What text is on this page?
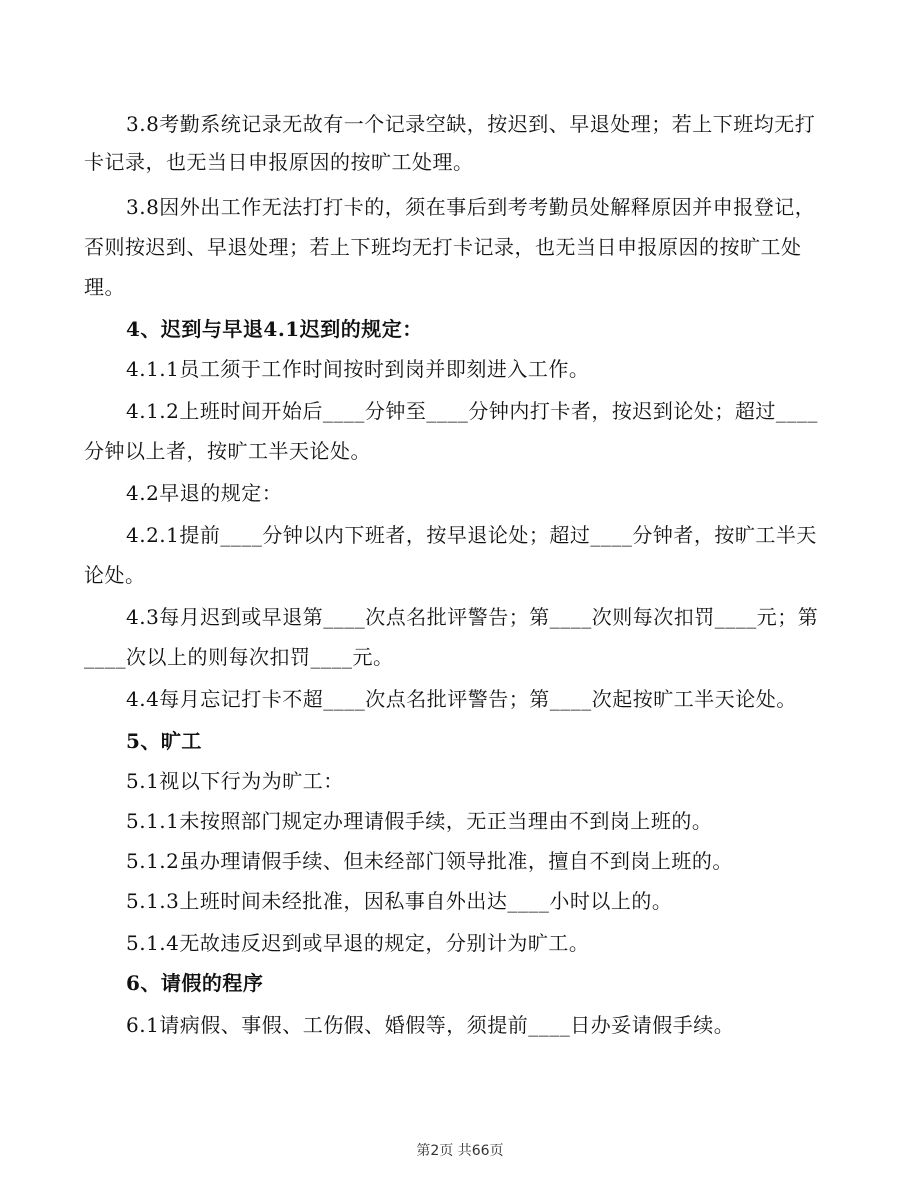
3.8考勤系统记录无故有一个记录空缺，按迟到、早退处理；若上下班均无打
卡记录，也无当日申报原因的按旷工处理。
3.8因外出工作无法打打卡的，须在事后到考考勤员处解释原因并申报登记，
否则按迟到、早退处理；若上下班均无打卡记录，也无当日申报原因的按旷工处
理。
4、迟到与早退4.1迟到的规定：
4.1.1员工须于工作时间按时到岗并即刻进入工作。
4.1.2上班时间开始后____分钟至____分钟内打卡者，按迟到论处；超过____
分钟以上者，按旷工半天论处。
4.2早退的规定：
4.2.1提前____分钟以内下班者，按早退论处；超过____分钟者，按旷工半天
论处。
4.3每月迟到或早退第____次点名批评警告；第____次则每次扣罚____元；第
____次以上的则每次扣罚____元。
4.4每月忘记打卡不超____次点名批评警告；第____次起按旷工半天论处。
5、旷工
5.1视以下行为为旷工：
5.1.1未按照部门规定办理请假手续，无正当理由不到岗上班的。
5.1.2虽办理请假手续、但未经部门领导批准，擅自不到岗上班的。
5.1.3上班时间未经批准，因私事自外出达____小时以上的。
5.1.4无故违反迟到或早退的规定，分别计为旷工。
6、请假的程序
6.1请病假、事假、工伤假、婚假等，须提前____日办妥请假手续。
第2页 共66页
